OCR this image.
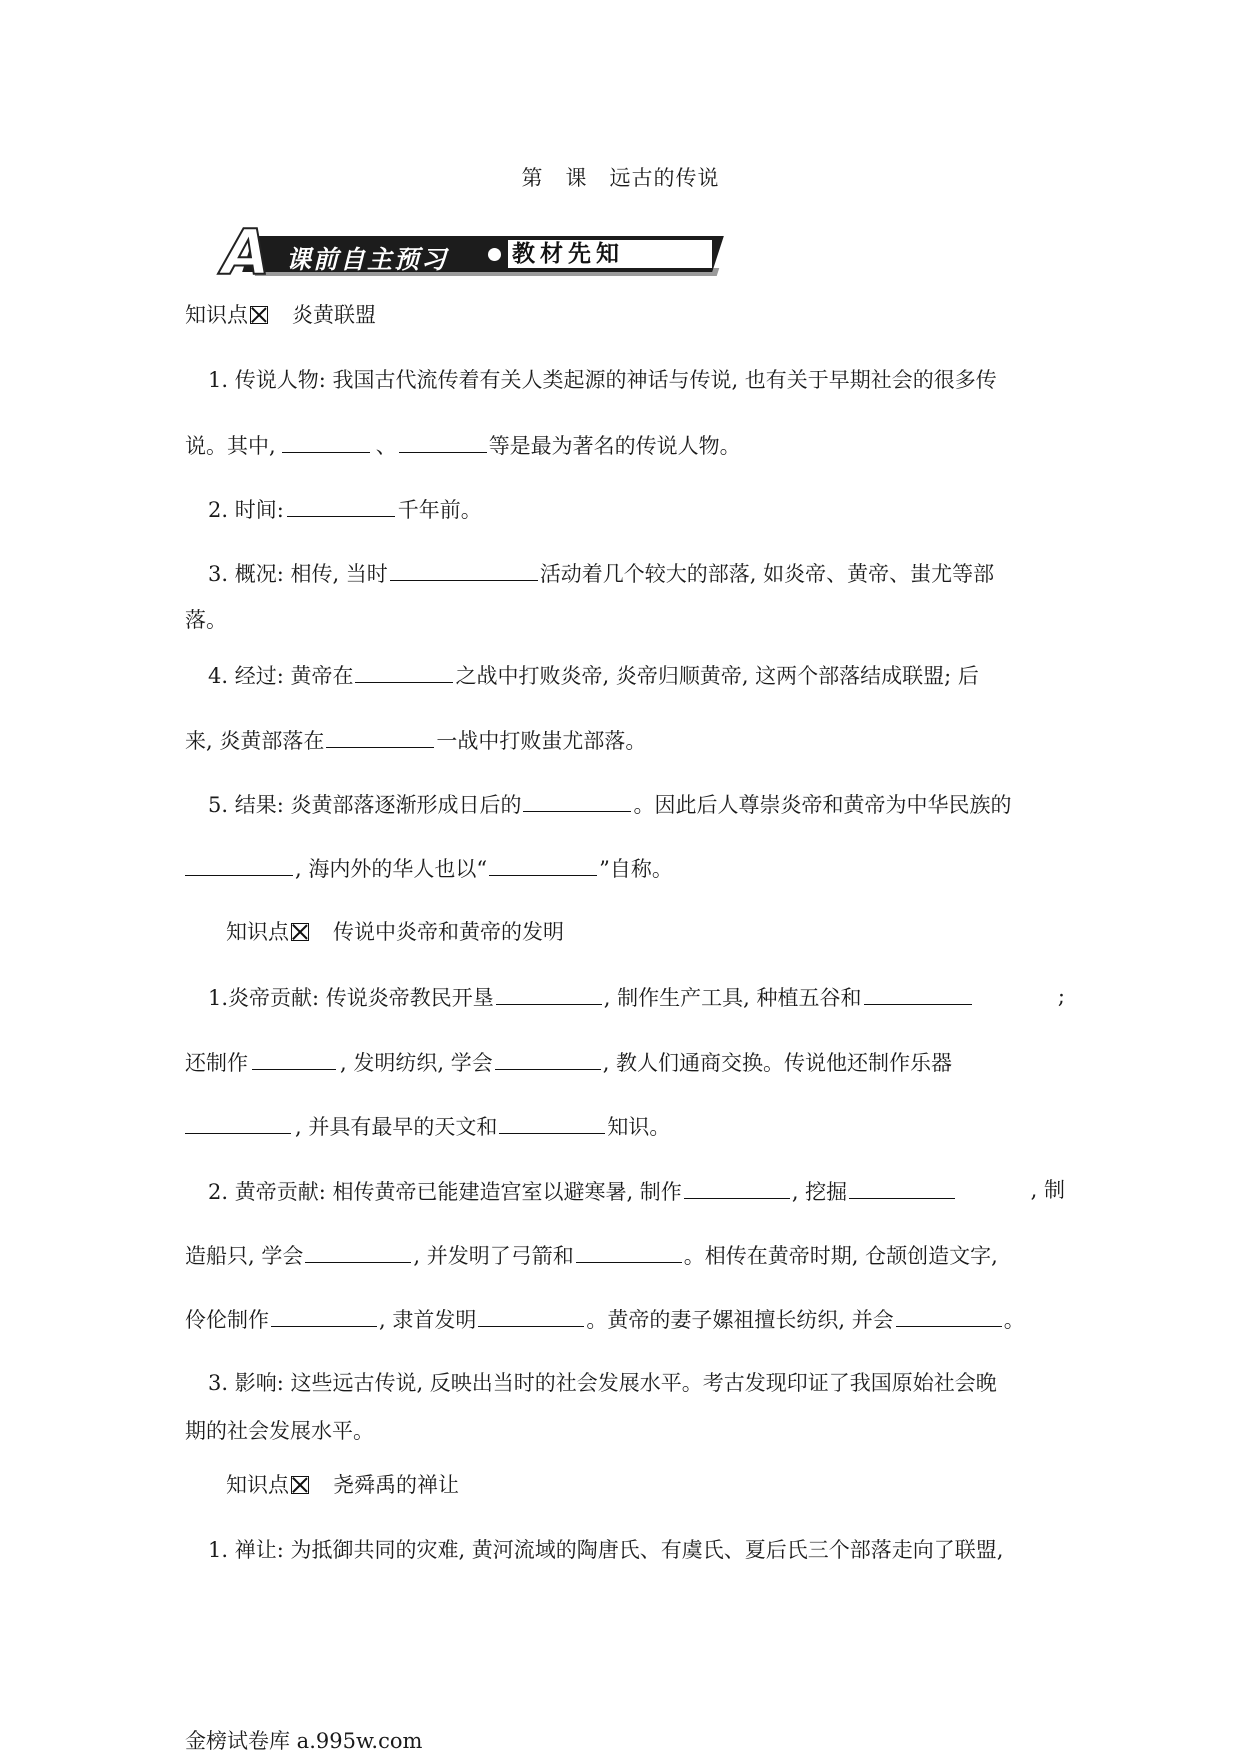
第 课 远古的传说
A 课前自主预习	教材先知
知识点 炎黄联盟
1. 传说人物: 我国古代流传着有关人类起源的神话与传说, 也有关于早期社会的很多传
说。其中,	、	等是最为著名的传说人物。
2. 时间:	千年前。
3. 概况: 相传, 当时	活动着几个较大的部落, 如炎帝、黄帝、蚩尤等部
落。
4. 经过: 黄帝在	之战中打败炎帝, 炎帝归顺黄帝, 这两个部落结成联盟; 后
来, 炎黄部落在	一战中打败蚩尤部落。
5. 结果: 炎黄部落逐渐形成日后的	。因此后人尊崇炎帝和黄帝为中华民族的
, 海内外的华人也以“	”自称。
知识点 传说中炎帝和黄帝的发明
1.炎帝贡献: 传说炎帝教民开垦	, 制作生产工具, 种植五谷和	;
还制作	, 发明纺织, 学会	, 教人们通商交换。传说他还制作乐器
, 并具有最早的天文和	知识。
2. 黄帝贡献: 相传黄帝已能建造宫室以避寒暑, 制作	, 挖掘	, 制
造船只, 学会	, 并发明了弓箭和	。相传在黄帝时期, 仓颉创造文字,
伶伦制作	, 隶首发明	。黄帝的妻子嫘祖擅长纺织, 并会	。
3. 影响: 这些远古传说, 反映出当时的社会发展水平。考古发现印证了我国原始社会晚
期的社会发展水平。
知识点 尧舜禹的禅让
1. 禅让: 为抵御共同的灾难, 黄河流域的陶唐氏、有虞氏、夏后氏三个部落走向了联盟,
金榜试卷库 a.995w.com
